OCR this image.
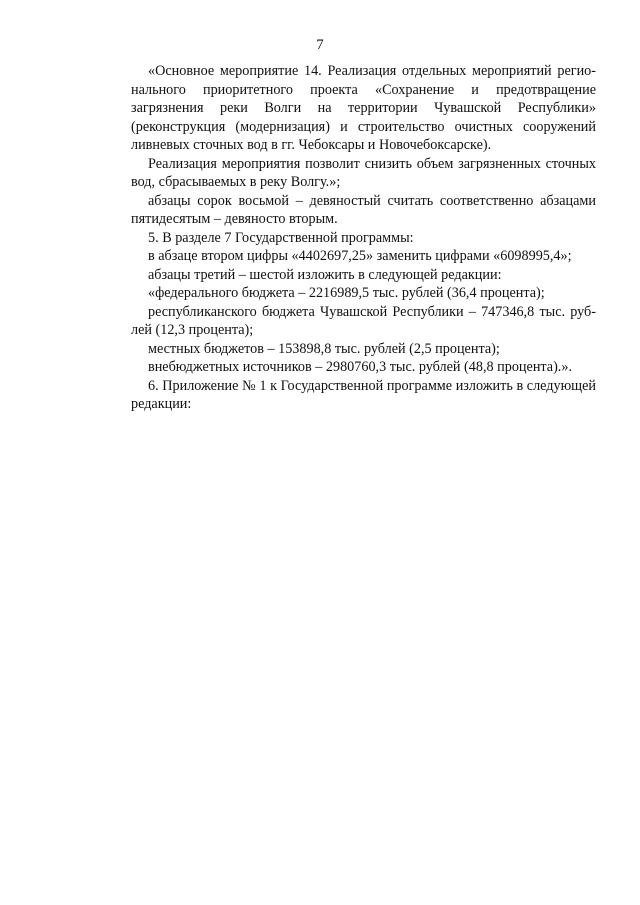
7

«Основное мероприятие 14. Реализация отдельных мероприятий регионального приоритетного проекта «Сохранение и предотвращение загрязнения реки Волги на территории Чувашской Республики» (реконструкция (модернизация) и строительство очистных сооружений ливневых сточных вод в гг. Чебоксары и Новочебоксарске).

Реализация мероприятия позволит снизить объем загрязненных сточных вод, сбрасываемых в реку Волгу.»;

абзацы сорок восьмой – девяностый считать соответственно абзацами пятидесятым – девяносто вторым.

5. В разделе 7 Государственной программы:

в абзаце втором цифры «4402697,25» заменить цифрами «6098995,4»;

абзацы третий – шестой изложить в следующей редакции:

«федерального бюджета – 2216989,5 тыс. рублей (36,4 процента);

республиканского бюджета Чувашской Республики – 747346,8 тыс. рублей (12,3 процента);

местных бюджетов – 153898,8 тыс. рублей (2,5 процента);

внебюджетных источников – 2980760,3 тыс. рублей (48,8 процента).».

6. Приложение № 1 к Государственной программе изложить в следующей редакции:
